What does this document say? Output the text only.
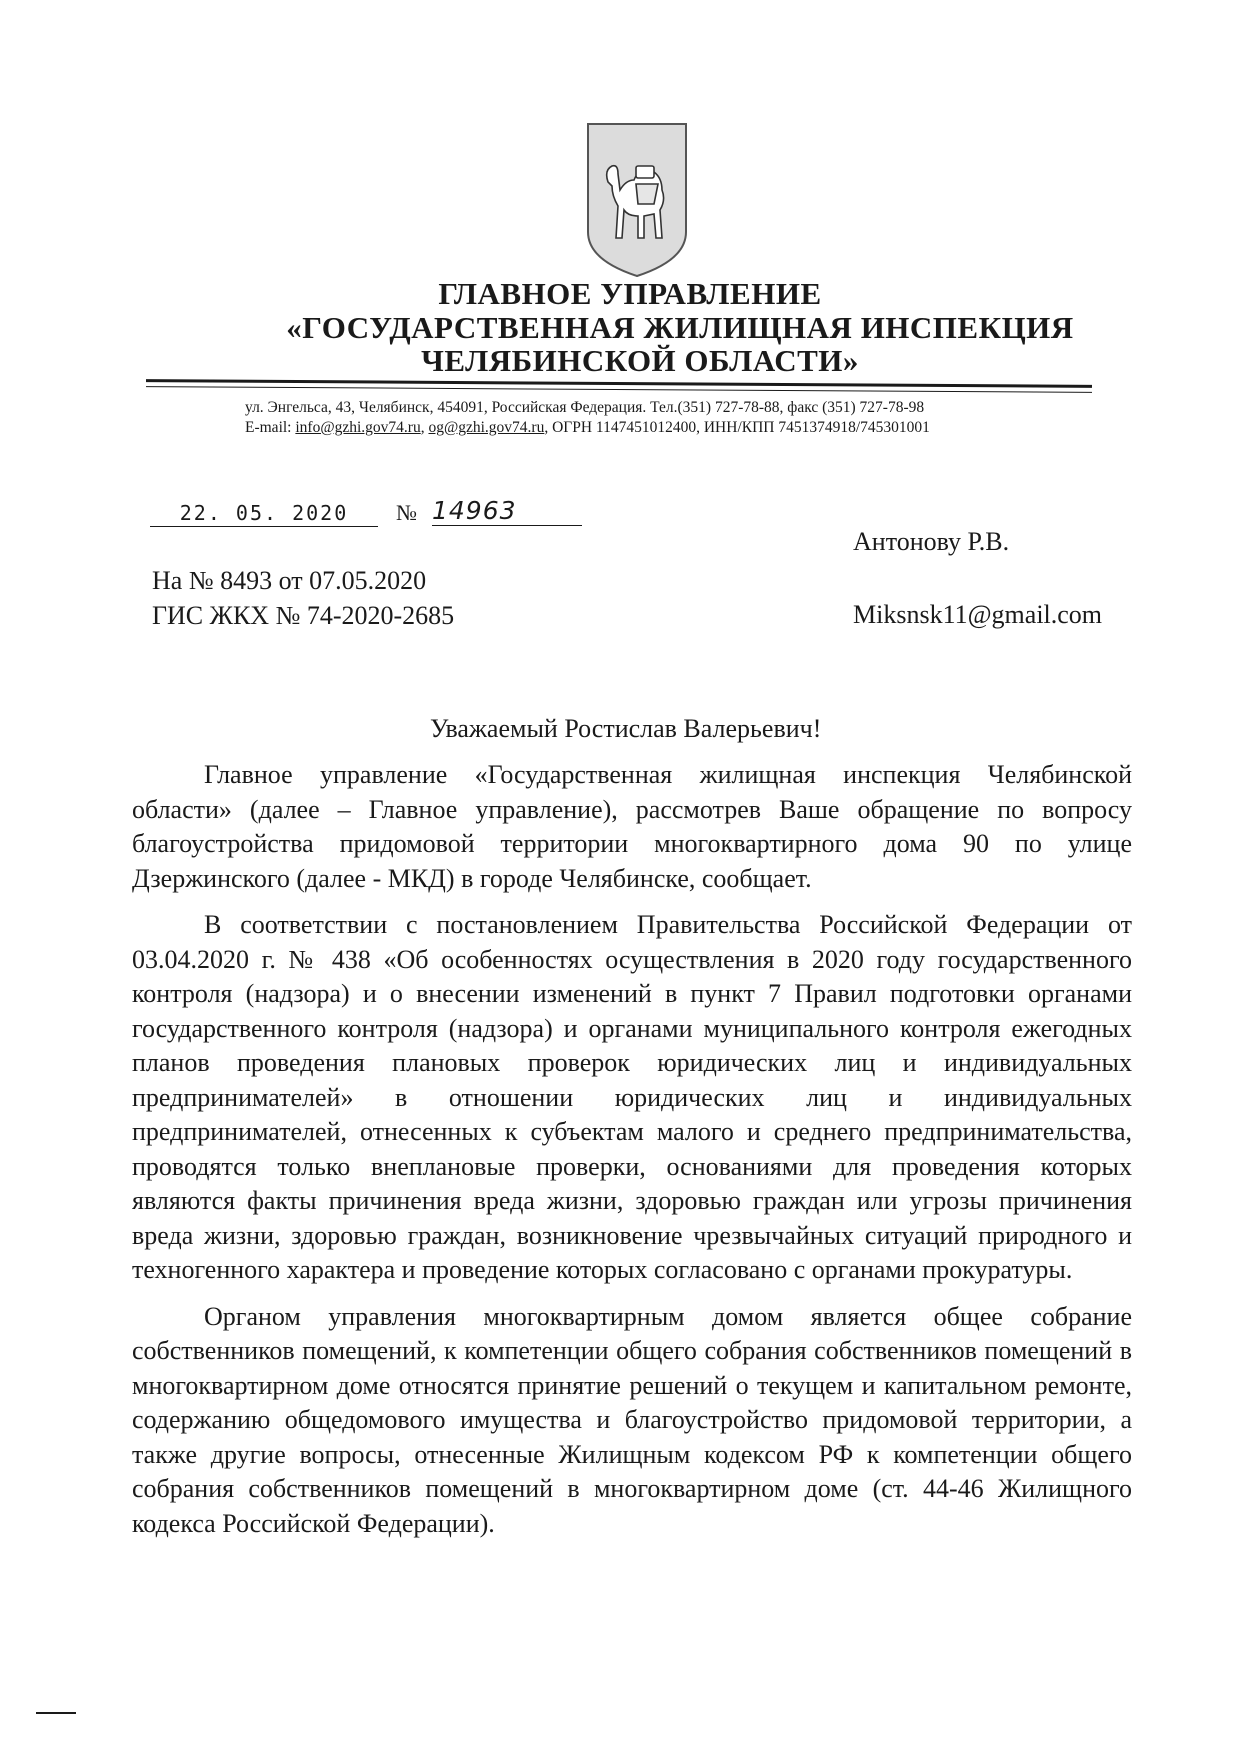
ГЛАВНОЕ УПРАВЛЕНИЕ
«ГОСУДАРСТВЕННАЯ ЖИЛИЩНАЯ ИНСПЕКЦИЯ
ЧЕЛЯБИНСКОЙ ОБЛАСТИ»
ул. Энгельса, 43, Челябинск, 454091, Российская Федерация. Тел.(351) 727-78-88, факс (351) 727-78-98
E-mail: info@gzhi.gov74.ru, og@gzhi.gov74.ru, ОГРН 1147451012400, ИНН/КПП 7451374918/745301001
22. 05. 2020	№ 14963
На № 8493 от 07.05.2020
ГИС ЖКХ № 74-2020-2685
Антонову Р.В.
Miksnsk11@gmail.com
Уважаемый Ростислав Валерьевич!

Главное управление «Государственная жилищная инспекция Челябинской области» (далее – Главное управление), рассмотрев Ваше обращение по вопросу благоустройства придомовой территории многоквартирного дома 90 по улице Дзержинского (далее - МКД) в городе Челябинске, сообщает.

В соответствии с постановлением Правительства Российской Федерации от 03.04.2020 г. № 438 «Об особенностях осуществления в 2020 году государственного контроля (надзора) и о внесении изменений в пункт 7 Правил подготовки органами государственного контроля (надзора) и органами муниципального контроля ежегодных планов проведения плановых проверок юридических лиц и индивидуальных предпринимателей» в отношении юридических лиц и индивидуальных предпринимателей, отнесенных к субъектам малого и среднего предпринимательства, проводятся только внеплановые проверки, основаниями для проведения которых являются факты причинения вреда жизни, здоровью граждан или угрозы причинения вреда жизни, здоровью граждан, возникновение чрезвычайных ситуаций природного и техногенного характера и проведение которых согласовано с органами прокуратуры.

Органом управления многоквартирным домом является общее собрание собственников помещений, к компетенции общего собрания собственников помещений в многоквартирном доме относятся принятие решений о текущем и капитальном ремонте, содержанию общедомового имущества и благоустройство придомовой территории, а также другие вопросы, отнесенные Жилищным кодексом РФ к компетенции общего собрания собственников помещений в многоквартирном доме (ст. 44-46 Жилищного кодекса Российской Федерации).
